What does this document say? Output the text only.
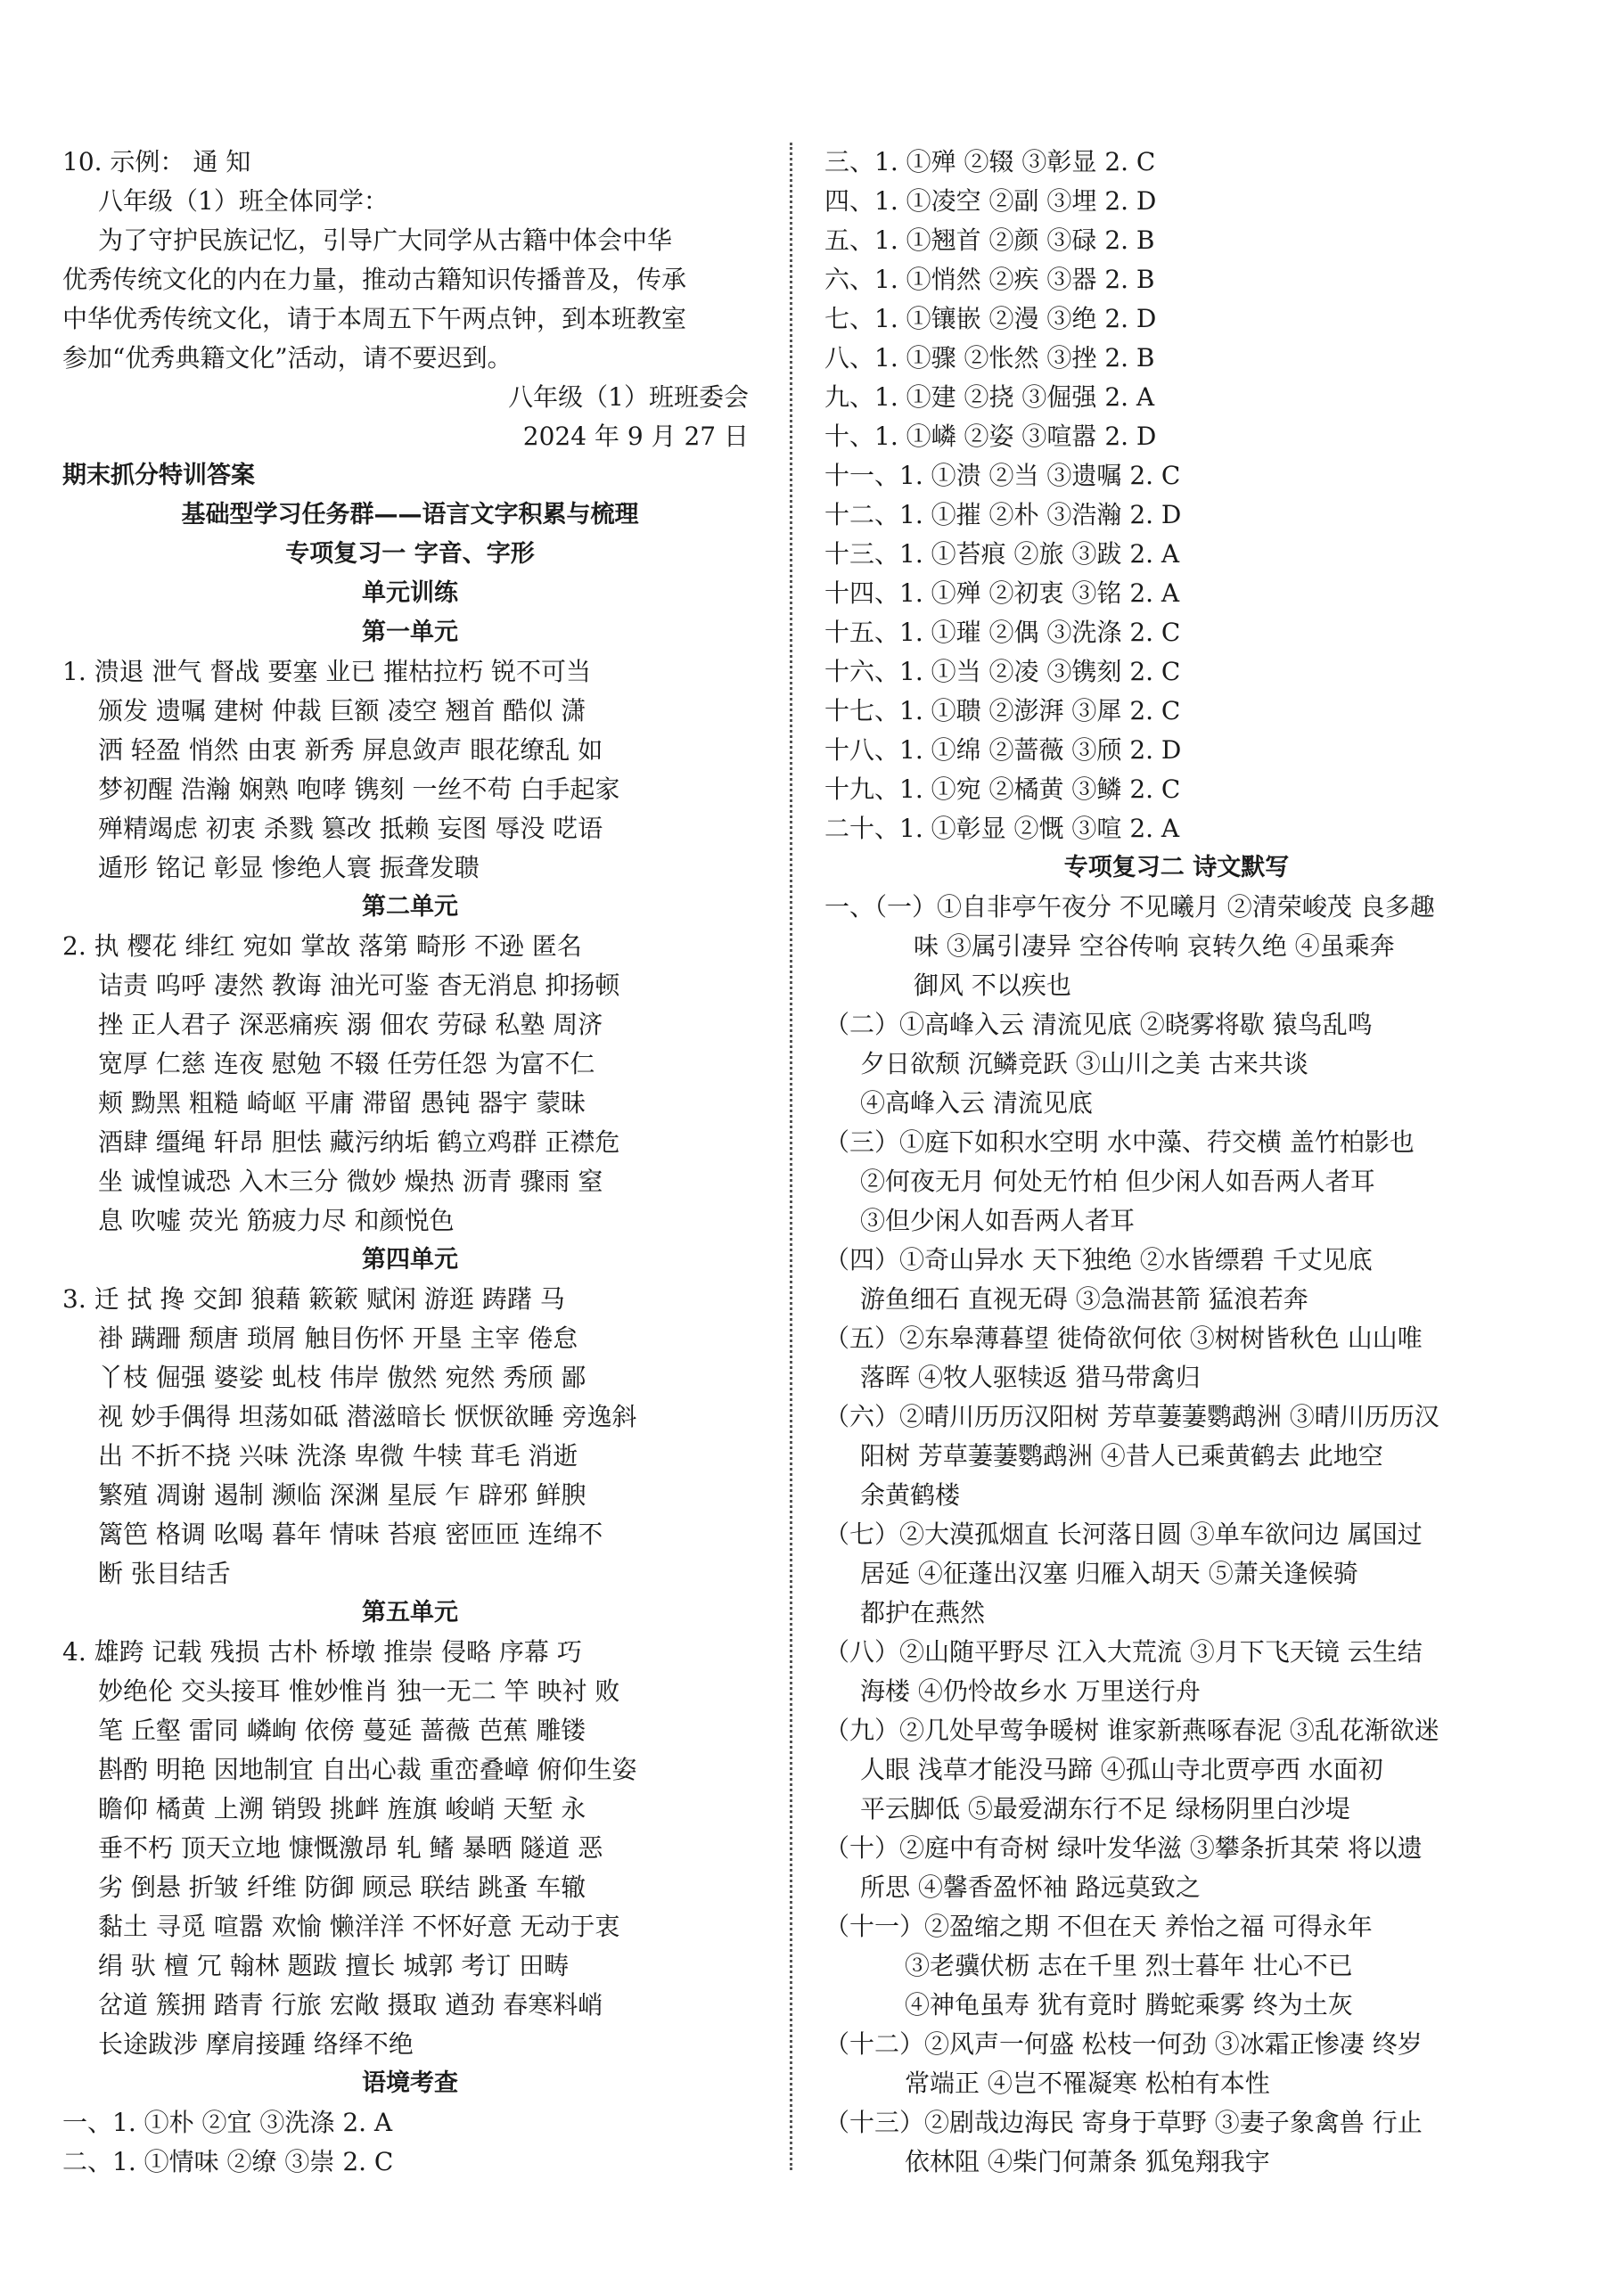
10. 示例： 通 知
八年级（1）班全体同学：
为了守护民族记忆，引导广大同学从古籍中体会中华
优秀传统文化的内在力量，推动古籍知识传播普及，传承
中华优秀传统文化，请于本周五下午两点钟，到本班教室
参加“优秀典籍文化”活动，请不要迟到。
八年级（1）班班委会
2024 年 9 月 27 日
期末抓分特训答案
基础型学习任务群——语言文字积累与梳理
专项复习一 字音、字形
单元训练
第一单元
1. 溃退 泄气 督战 要塞 业已 摧枯拉朽 锐不可当
颁发 遗嘱 建树 仲裁 巨额 凌空 翘首 酷似 潇
洒 轻盈 悄然 由衷 新秀 屏息敛声 眼花缭乱 如
梦初醒 浩瀚 娴熟 咆哮 镌刻 一丝不苟 白手起家
殚精竭虑 初衷 杀戮 篡改 抵赖 妄图 辱没 呓语
遁形 铭记 彰显 惨绝人寰 振聋发聩
第二单元
2. 执 樱花 绯红 宛如 掌故 落第 畸形 不逊 匿名
诘责 呜呼 凄然 教诲 油光可鉴 杳无消息 抑扬顿
挫 正人君子 深恶痛疾 溺 佃农 劳碌 私塾 周济
宽厚 仁慈 连夜 慰勉 不辍 任劳任怨 为富不仁
颊 黝黑 粗糙 崎岖 平庸 滞留 愚钝 器宇 蒙昧
酒肆 缰绳 轩昂 胆怯 藏污纳垢 鹤立鸡群 正襟危
坐 诚惶诚恐 入木三分 微妙 燥热 沥青 骤雨 窒
息 吹嘘 荧光 筋疲力尽 和颜悦色
第四单元
3. 迁 拭 搀 交卸 狼藉 簌簌 赋闲 游逛 踌躇 马
褂 蹒跚 颓唐 琐屑 触目伤怀 开垦 主宰 倦怠
丫枝 倔强 婆娑 虬枝 伟岸 傲然 宛然 秀颀 鄙
视 妙手偶得 坦荡如砥 潜滋暗长 恹恹欲睡 旁逸斜
出 不折不挠 兴味 洗涤 卑微 牛犊 茸毛 消逝
繁殖 凋谢 遏制 濒临 深渊 星辰 乍 辟邪 鲜腴
篱笆 格调 吆喝 暮年 情味 苔痕 密匝匝 连绵不
断 张目结舌
第五单元
4. 雄跨 记载 残损 古朴 桥墩 推崇 侵略 序幕 巧
妙绝伦 交头接耳 惟妙惟肖 独一无二 竿 映衬 败
笔 丘壑 雷同 嶙峋 依傍 蔓延 蔷薇 芭蕉 雕镂
斟酌 明艳 因地制宜 自出心裁 重峦叠嶂 俯仰生姿
瞻仰 橘黄 上溯 销毁 挑衅 旌旗 峻峭 天堑 永
垂不朽 顶天立地 慷慨激昂 轧 鳍 暴晒 隧道 恶
劣 倒悬 折皱 纤维 防御 顾忌 联结 跳蚤 车辙
黏土 寻觅 喧嚣 欢愉 懒洋洋 不怀好意 无动于衷
绢 驮 檀 冗 翰林 题跋 擅长 城郭 考订 田畴
岔道 簇拥 踏青 行旅 宏敞 摄取 遒劲 春寒料峭
长途跋涉 摩肩接踵 络绎不绝
语境考查
一、1. ①朴 ②宜 ③洗涤 2. A
二、1. ①情味 ②缭 ③崇 2. C
三、1. ①殚 ②辍 ③彰显 2. C
四、1. ①凌空 ②副 ③埋 2. D
五、1. ①翘首 ②颜 ③碌 2. B
六、1. ①悄然 ②疾 ③器 2. B
七、1. ①镶嵌 ②漫 ③绝 2. D
八、1. ①骤 ②怅然 ③挫 2. B
九、1. ①建 ②挠 ③倔强 2. A
十、1. ①嶙 ②姿 ③喧嚣 2. D
十一、1. ①溃 ②当 ③遗嘱 2. C
十二、1. ①摧 ②朴 ③浩瀚 2. D
十三、1. ①苔痕 ②旅 ③跋 2. A
十四、1. ①殚 ②初衷 ③铭 2. A
十五、1. ①璀 ②偶 ③洗涤 2. C
十六、1. ①当 ②凌 ③镌刻 2. C
十七、1. ①聩 ②澎湃 ③犀 2. C
十八、1. ①绵 ②蔷薇 ③颀 2. D
十九、1. ①宛 ②橘黄 ③鳞 2. C
二十、1. ①彰显 ②慨 ③喧 2. A
专项复习二 诗文默写
一、（一）①自非亭午夜分 不见曦月 ②清荣峻茂 良多趣
味 ③属引凄异 空谷传响 哀转久绝 ④虽乘奔
御风 不以疾也
（二）①高峰入云 清流见底 ②晓雾将歇 猿鸟乱鸣
夕日欲颓 沉鳞竞跃 ③山川之美 古来共谈
④高峰入云 清流见底
（三）①庭下如积水空明 水中藻、荇交横 盖竹柏影也
②何夜无月 何处无竹柏 但少闲人如吾两人者耳
③但少闲人如吾两人者耳
（四）①奇山异水 天下独绝 ②水皆缥碧 千丈见底
游鱼细石 直视无碍 ③急湍甚箭 猛浪若奔
（五）②东皋薄暮望 徙倚欲何依 ③树树皆秋色 山山唯
落晖 ④牧人驱犊返 猎马带禽归
（六）②晴川历历汉阳树 芳草萋萋鹦鹉洲 ③晴川历历汉
阳树 芳草萋萋鹦鹉洲 ④昔人已乘黄鹤去 此地空
余黄鹤楼
（七）②大漠孤烟直 长河落日圆 ③单车欲问边 属国过
居延 ④征蓬出汉塞 归雁入胡天 ⑤萧关逢候骑
都护在燕然
（八）②山随平野尽 江入大荒流 ③月下飞天镜 云生结
海楼 ④仍怜故乡水 万里送行舟
（九）②几处早莺争暖树 谁家新燕啄春泥 ③乱花渐欲迷
人眼 浅草才能没马蹄 ④孤山寺北贾亭西 水面初
平云脚低 ⑤最爱湖东行不足 绿杨阴里白沙堤
（十）②庭中有奇树 绿叶发华滋 ③攀条折其荣 将以遗
所思 ④馨香盈怀袖 路远莫致之
（十一）②盈缩之期 不但在天 养怡之福 可得永年
③老骥伏枥 志在千里 烈士暮年 壮心不已
④神龟虽寿 犹有竟时 腾蛇乘雾 终为土灰
（十二）②风声一何盛 松枝一何劲 ③冰霜正惨凄 终岁
常端正 ④岂不罹凝寒 松柏有本性
（十三）②剧哉边海民 寄身于草野 ③妻子象禽兽 行止
依林阻 ④柴门何萧条 狐兔翔我宇
